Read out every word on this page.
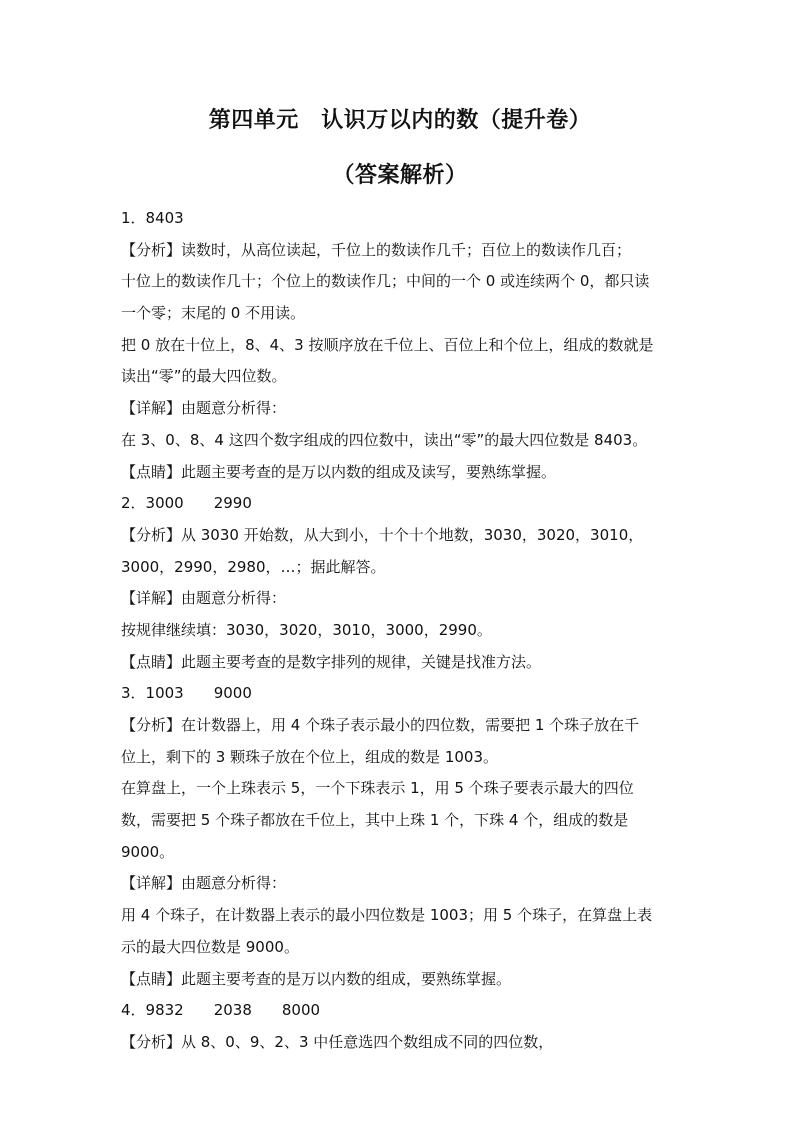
第四单元　认识万以内的数（提升卷）
（答案解析）
1．8403
【分析】读数时，从高位读起，千位上的数读作几千；百位上的数读作几百；
十位上的数读作几十；个位上的数读作几；中间的一个 0 或连续两个 0，都只读
一个零；末尾的 0 不用读。
把 0 放在十位上，8、4、3 按顺序放在千位上、百位上和个位上，组成的数就是
读出“零”的最大四位数。
【详解】由题意分析得：
在 3、0、8、4 这四个数字组成的四位数中，读出“零”的最大四位数是 8403。
【点睛】此题主要考查的是万以内数的组成及读写，要熟练掌握。
2．3000　　2990
【分析】从 3030 开始数，从大到小，十个十个地数，3030，3020，3010，
3000，2990，2980，…；据此解答。
【详解】由题意分析得：
按规律继续填：3030，3020，3010，3000，2990。
【点睛】此题主要考查的是数字排列的规律，关键是找准方法。
3．1003　　9000
【分析】在计数器上，用 4 个珠子表示最小的四位数，需要把 1 个珠子放在千
位上，剩下的 3 颗珠子放在个位上，组成的数是 1003。
在算盘上，一个上珠表示 5，一个下珠表示 1，用 5 个珠子要表示最大的四位
数，需要把 5 个珠子都放在千位上，其中上珠 1 个，下珠 4 个，组成的数是
9000。
【详解】由题意分析得：
用 4 个珠子，在计数器上表示的最小四位数是 1003；用 5 个珠子，在算盘上表
示的最大四位数是 9000。
【点睛】此题主要考查的是万以内数的组成，要熟练掌握。
4．9832　　2038　　8000
【分析】从 8、0、9、2、3 中任意选四个数组成不同的四位数，
